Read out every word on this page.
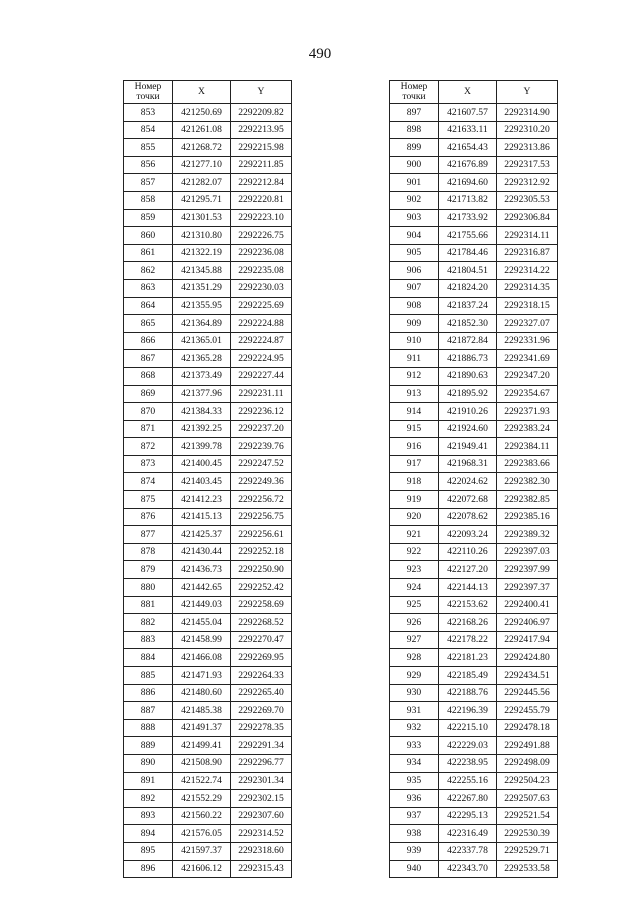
490
Номер
точки	X	Y
853	421250.69	2292209.82
854	421261.08	2292213.95
855	421268.72	2292215.98
856	421277.10	2292211.85
857	421282.07	2292212.84
858	421295.71	2292220.81
859	421301.53	2292223.10
860	421310.80	2292226.75
861	421322.19	2292236.08
862	421345.88	2292235.08
863	421351.29	2292230.03
864	421355.95	2292225.69
865	421364.89	2292224.88
866	421365.01	2292224.87
867	421365.28	2292224.95
868	421373.49	2292227.44
869	421377.96	2292231.11
870	421384.33	2292236.12
871	421392.25	2292237.20
872	421399.78	2292239.76
873	421400.45	2292247.52
874	421403.45	2292249.36
875	421412.23	2292256.72
876	421415.13	2292256.75
877	421425.37	2292256.61
878	421430.44	2292252.18
879	421436.73	2292250.90
880	421442.65	2292252.42
881	421449.03	2292258.69
882	421455.04	2292268.52
883	421458.99	2292270.47
884	421466.08	2292269.95
885	421471.93	2292264.33
886	421480.60	2292265.40
887	421485.38	2292269.70
888	421491.37	2292278.35
889	421499.41	2292291.34
890	421508.90	2292296.77
891	421522.74	2292301.34
892	421552.29	2292302.15
893	421560.22	2292307.60
894	421576.05	2292314.52
895	421597.37	2292318.60
896	421606.12	2292315.43
Номер
точки	X	Y
897	421607.57	2292314.90
898	421633.11	2292310.20
899	421654.43	2292313.86
900	421676.89	2292317.53
901	421694.60	2292312.92
902	421713.82	2292305.53
903	421733.92	2292306.84
904	421755.66	2292314.11
905	421784.46	2292316.87
906	421804.51	2292314.22
907	421824.20	2292314.35
908	421837.24	2292318.15
909	421852.30	2292327.07
910	421872.84	2292331.96
911	421886.73	2292341.69
912	421890.63	2292347.20
913	421895.92	2292354.67
914	421910.26	2292371.93
915	421924.60	2292383.24
916	421949.41	2292384.11
917	421968.31	2292383.66
918	422024.62	2292382.30
919	422072.68	2292382.85
920	422078.62	2292385.16
921	422093.24	2292389.32
922	422110.26	2292397.03
923	422127.20	2292397.99
924	422144.13	2292397.37
925	422153.62	2292400.41
926	422168.26	2292406.97
927	422178.22	2292417.94
928	422181.23	2292424.80
929	422185.49	2292434.51
930	422188.76	2292445.56
931	422196.39	2292455.79
932	422215.10	2292478.18
933	422229.03	2292491.88
934	422238.95	2292498.09
935	422255.16	2292504.23
936	422267.80	2292507.63
937	422295.13	2292521.54
938	422316.49	2292530.39
939	422337.78	2292529.71
940	422343.70	2292533.58
